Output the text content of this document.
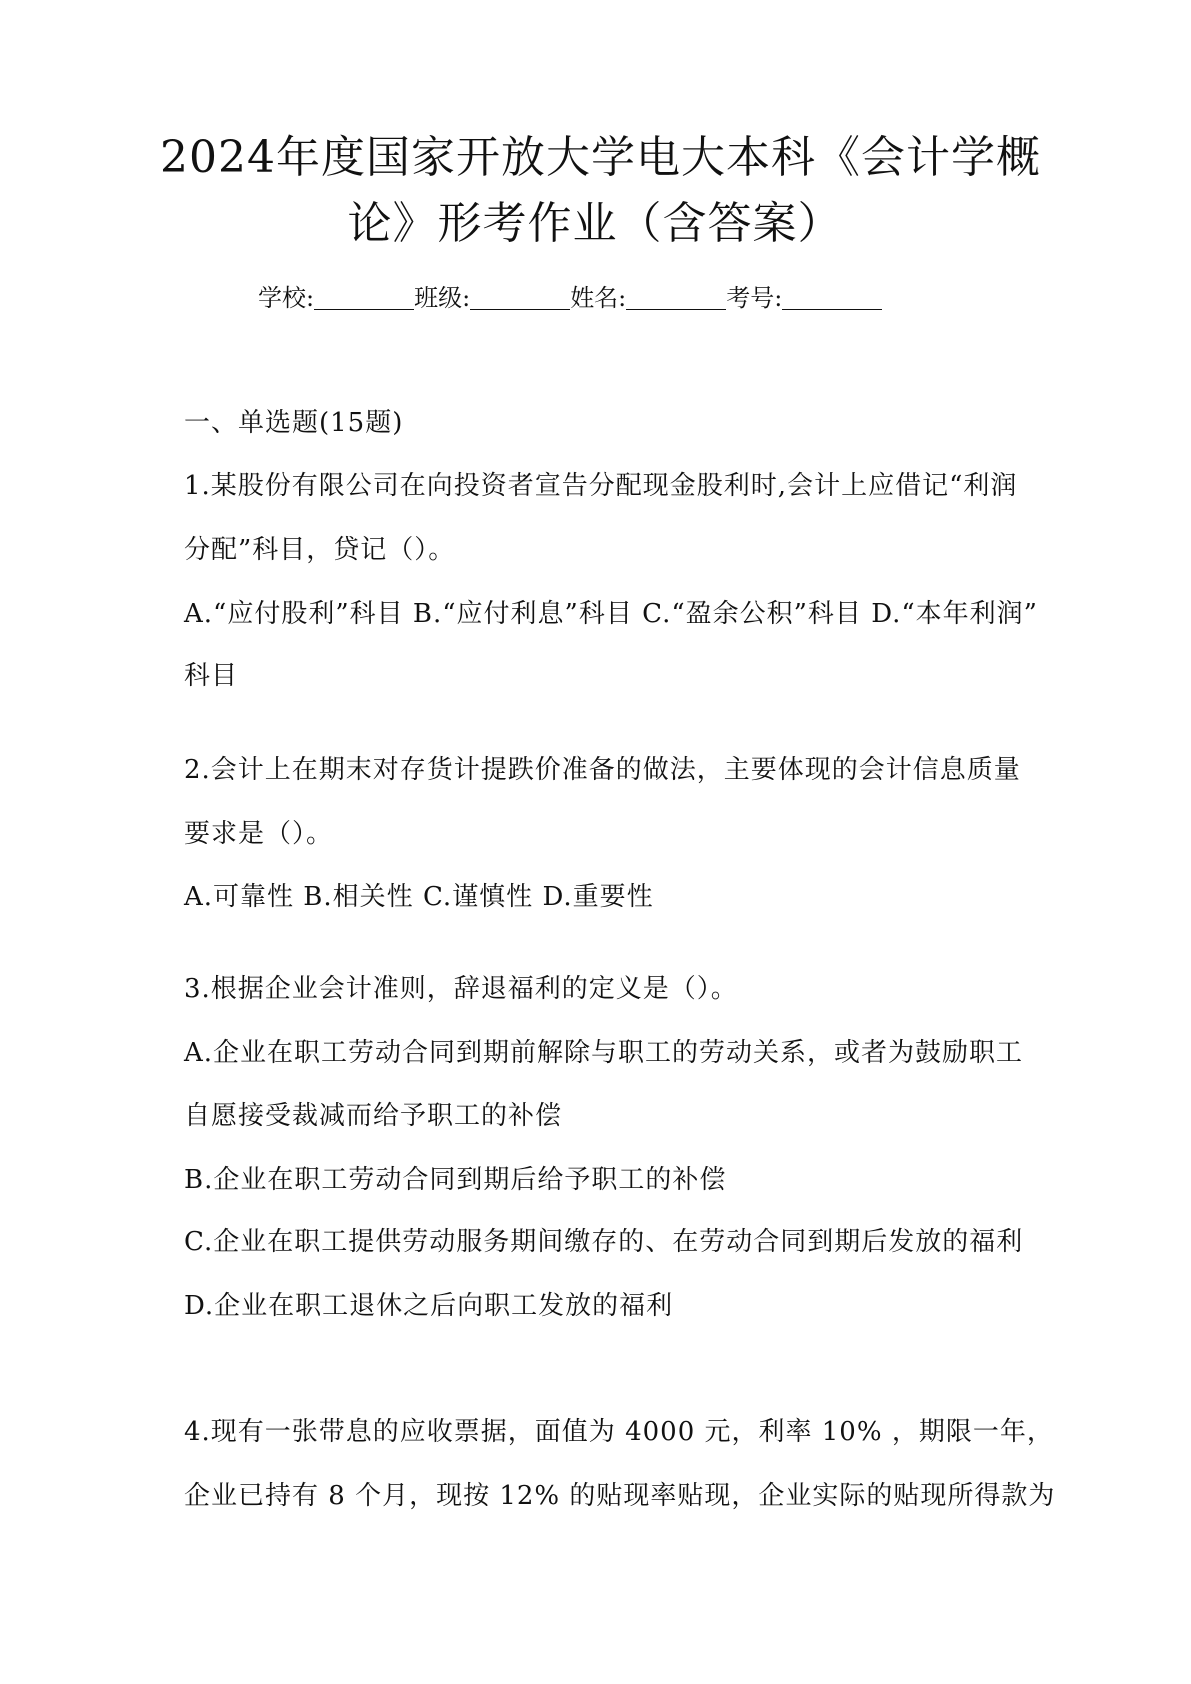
2024年度国家开放大学电大本科《会计学概
论》形考作业（含答案）
学校:	班级:	姓名:	考号:
一、单选题(15题)
1.某股份有限公司在向投资者宣告分配现金股利时,会计上应借记“利润
分配”科目，贷记（）。
A.“应付股利”科目 B.“应付利息”科目 C.“盈余公积”科目 D.“本年利润”
科目
2.会计上在期末对存货计提跌价准备的做法，主要体现的会计信息质量
要求是（）。
A.可靠性 B.相关性 C.谨慎性 D.重要性
3.根据企业会计准则，辞退福利的定义是（）。
A.企业在职工劳动合同到期前解除与职工的劳动关系，或者为鼓励职工
自愿接受裁减而给予职工的补偿
B.企业在职工劳动合同到期后给予职工的补偿
C.企业在职工提供劳动服务期间缴存的、在劳动合同到期后发放的福利
D.企业在职工退休之后向职工发放的福利
4.现有一张带息的应收票据，面值为 4000 元，利率 10% ，期限一年，
企业已持有 8 个月，现按 12% 的贴现率贴现，企业实际的贴现所得款为
